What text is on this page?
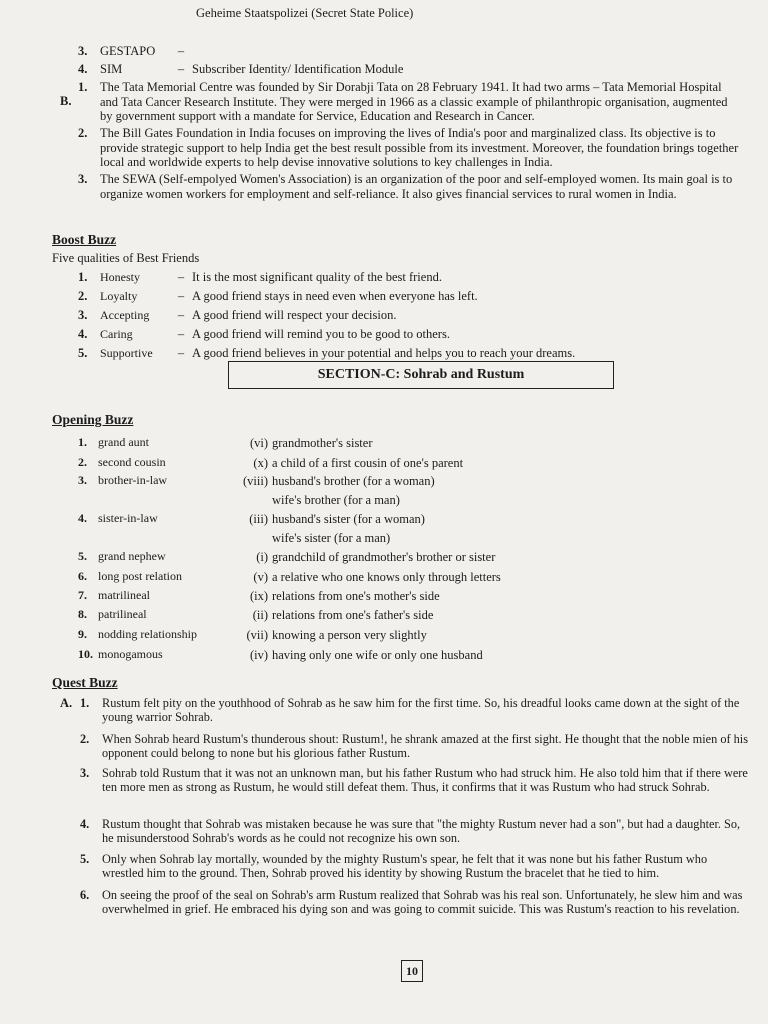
Geheime Staatspolizei (Secret State Police)
3. GESTAPO –
4. SIM	– Subscriber Identity/ Identification Module
B.
1.	The Tata Memorial Centre was founded by Sir Dorabji Tata on 28 February 1941. It had two arms – Tata Memorial Hospital and Tata Cancer Research Institute. They were merged in 1966 as a classic example of philanthropic organisation, augmented by government support with a mandate for Service, Education and Research in Cancer.
2.	The Bill Gates Foundation in India focuses on improving the lives of India's poor and marginalized class. Its objective is to provide strategic support to help India get the best result possible from its investment. Moreover, the foundation brings together local and worldwide experts to help devise innovative solutions to key challenges in India.
3.	The SEWA (Self-empolyed Women's Association) is an organization of the poor and self-employed women. Its main goal is to organize women workers for employment and self-reliance. It also gives financial services to rural women in India.
Boost Buzz
Five qualities of Best Friends
1. Honesty	– It is the most significant quality of the best friend.
2. Loyalty	– A good friend stays in need even when everyone has left.
3. Accepting – A good friend will respect your decision.
4. Caring	– A good friend will remind you to be good to others.
5. Supportive – A good friend believes in your potential and helps you to reach your dreams.
SECTION-C: Sohrab and Rustum
Opening Buzz
1. grand aunt	(vi) grandmother's sister
2. second cousin	(x) a child of a first cousin of one's parent
3. brother-in-law	(viii) husband's brother (for a woman)
wife's brother (for a man)
4. sister-in-law	(iii) husband's sister (for a woman)
wife's sister (for a man)
5. grand nephew	(i) grandchild of grandmother's brother or sister
6. long post relation	(v) a relative who one knows only through letters
7. matrilineal	(ix) relations from one's mother's side
8. patrilineal	(ii) relations from one's father's side
9. nodding relationship	(vii) knowing a person very slightly
10. monogamous	(iv) having only one wife or only one husband
Quest Buzz
A. 1.	Rustum felt pity on the youthhood of Sohrab as he saw him for the first time. So, his dreadful looks came down at the sight of the young warrior Sohrab.
2.	When Sohrab heard Rustum's thunderous shout: Rustum!, he shrank amazed at the first sight. He thought that the noble mien of his opponent could belong to none but his glorious father Rustum.
3.	Sohrab told Rustum that it was not an unknown man, but his father Rustum who had struck him. He also told him that if there were ten more men as strong as Rustum, he would still defeat them. Thus, it confirms that it was Rustum who had struck Sohrab.
4.	Rustum thought that Sohrab was mistaken because he was sure that "the mighty Rustum never had a son", but had a daughter. So, he misunderstood Sohrab's words as he could not recognize his own son.
5.	Only when Sohrab lay mortally, wounded by the mighty Rustum's spear, he felt that it was none but his father Rustum who wrestled him to the ground. Then, Sohrab proved his identity by showing Rustum the bracelet that he tied to him.
6.	On seeing the proof of the seal on Sohrab's arm Rustum realized that Sohrab was his real son. Unfortunately, he slew him and was overwhelmed in grief. He embraced his dying son and was going to commit suicide. This was Rustum's reaction to his revelation.
10
